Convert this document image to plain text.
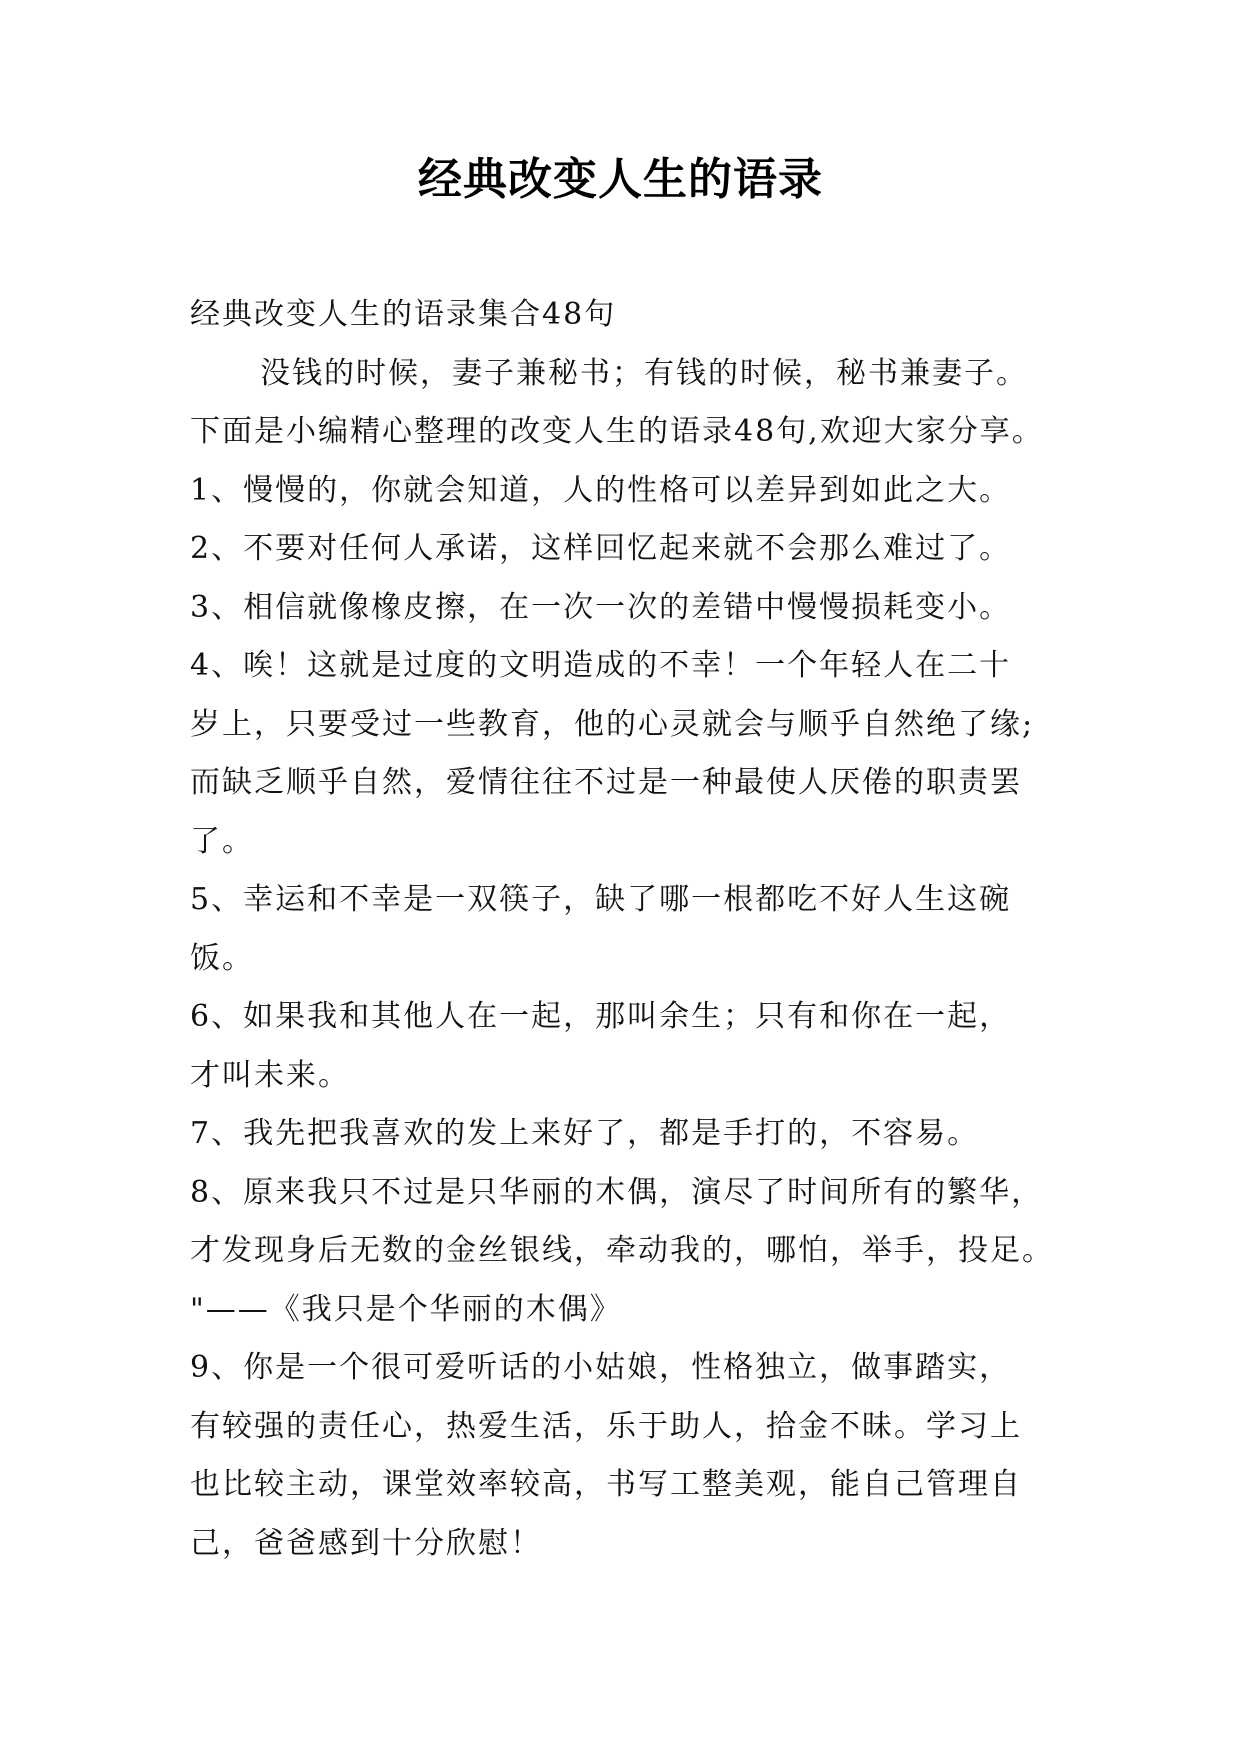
经典改变人生的语录
经典改变人生的语录集合48句
没钱的时候，妻子兼秘书；有钱的时候，秘书兼妻子。
下面是小编精心整理的改变人生的语录48句,欢迎大家分享。
1、慢慢的，你就会知道，人的性格可以差异到如此之大。
2、不要对任何人承诺，这样回忆起来就不会那么难过了。
3、相信就像橡皮擦，在一次一次的差错中慢慢损耗变小。
4、唉！这就是过度的文明造成的不幸！一个年轻人在二十
岁上，只要受过一些教育，他的心灵就会与顺乎自然绝了缘;
而缺乏顺乎自然，爱情往往不过是一种最使人厌倦的职责罢
了。
5、幸运和不幸是一双筷子，缺了哪一根都吃不好人生这碗
饭。
6、如果我和其他人在一起，那叫余生；只有和你在一起，
才叫未来。
7、我先把我喜欢的发上来好了，都是手打的，不容易。
8、原来我只不过是只华丽的木偶，演尽了时间所有的繁华，
才发现身后无数的金丝银线，牵动我的，哪怕，举手，投足。
"——《我只是个华丽的木偶》
9、你是一个很可爱听话的小姑娘，性格独立，做事踏实，
有较强的责任心，热爱生活，乐于助人，拾金不昧。学习上
也比较主动，课堂效率较高，书写工整美观，能自己管理自
己，爸爸感到十分欣慰！
